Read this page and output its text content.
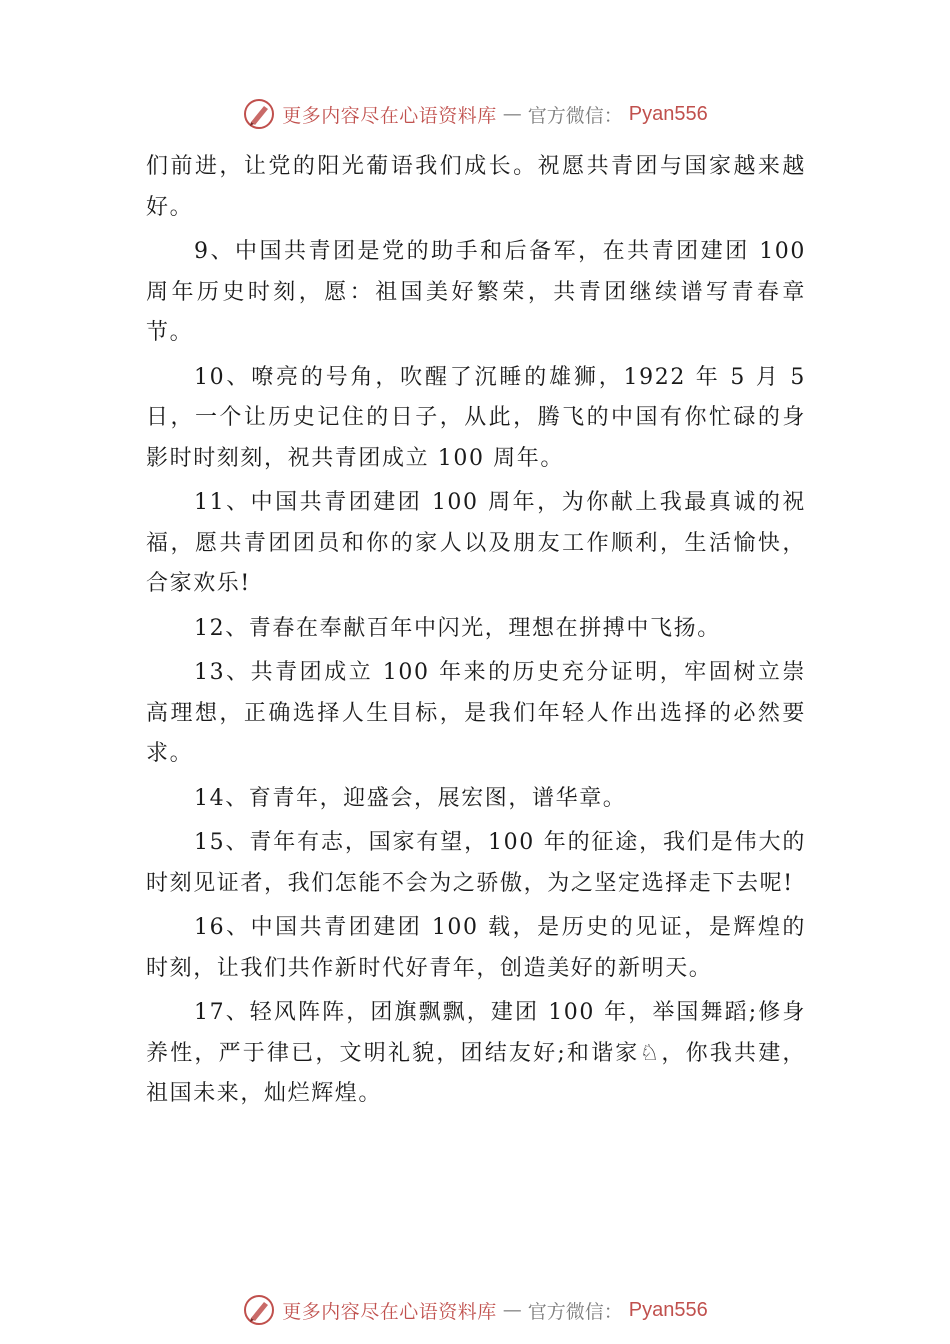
更多内容尽在心语资料库 — 官方微信： Pyan556

们前进，让党的阳光葡语我们成长。祝愿共青团与国家越来越好。

9、中国共青团是党的助手和后备军，在共青团建团 100 周年历史时刻，愿：祖国美好繁荣，共青团继续谱写青春章节。

10、嘹亮的号角，吹醒了沉睡的雄狮，1922 年 5 月 5 日，一个让历史记住的日子，从此，腾飞的中国有你忙碌的身影时时刻刻，祝共青团成立 100 周年。

11、中国共青团建团 100 周年，为你献上我最真诚的祝福，愿共青团团员和你的家人以及朋友工作顺利，生活愉快，合家欢乐!

12、青春在奉献百年中闪光，理想在拼搏中飞扬。

13、共青团成立 100 年来的历史充分证明，牢固树立崇高理想，正确选择人生目标，是我们年轻人作出选择的必然要求。

14、育青年，迎盛会，展宏图，谱华章。

15、青年有志，国家有望，100 年的征途，我们是伟大的时刻见证者，我们怎能不会为之骄傲，为之坚定选择走下去呢!

16、中国共青团建团 100 载，是历史的见证，是辉煌的时刻，让我们共作新时代好青年，创造美好的新明天。

17、轻风阵阵，团旗飘飘，建团 100 年，举国舞蹈;修身养性，严于律已，文明礼貌，团结友好;和谐家♘，你我共建，祖国未来，灿烂辉煌。

更多内容尽在心语资料库 — 官方微信： Pyan556
